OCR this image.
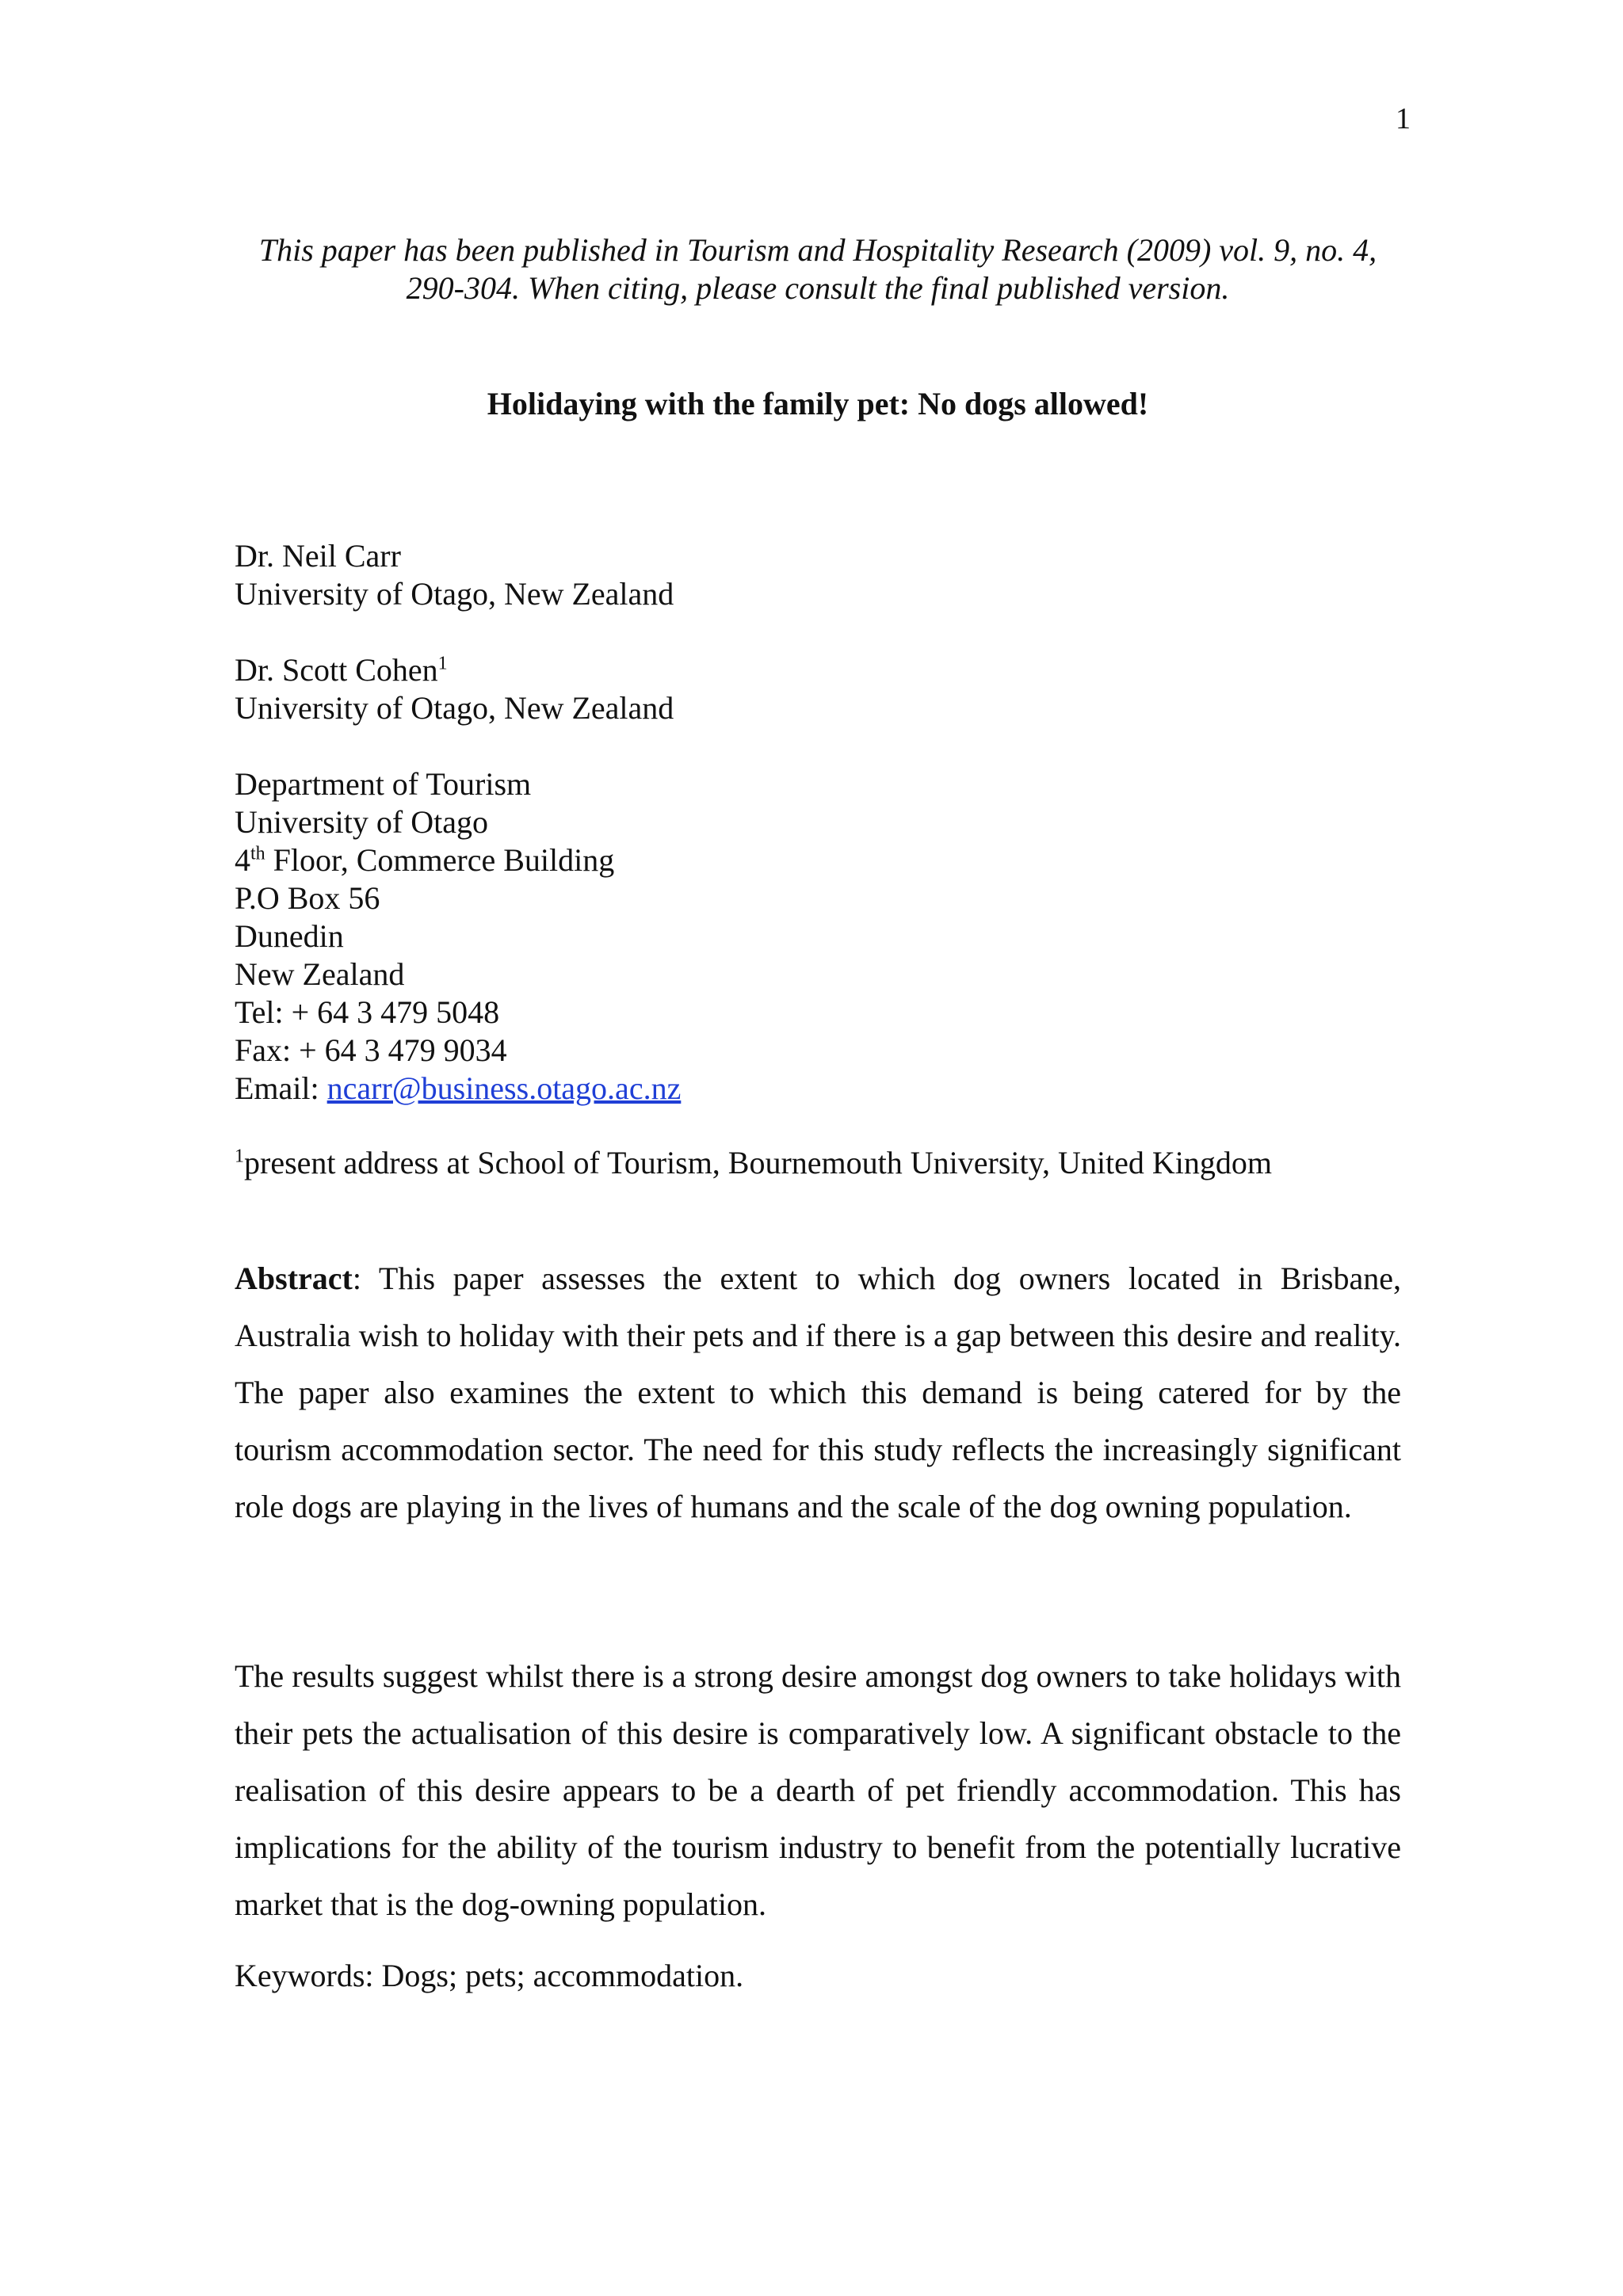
1
This paper has been published in Tourism and Hospitality Research (2009) vol. 9, no. 4, 290-304. When citing, please consult the final published version.
Holidaying with the family pet: No dogs allowed!
Dr. Neil Carr
University of Otago, New Zealand
Dr. Scott Cohen$^1$
University of Otago, New Zealand
Department of Tourism
University of Otago
4th Floor, Commerce Building
P.O Box 56
Dunedin
New Zealand
Tel: + 64 3 479 5048
Fax: + 64 3 479 9034
Email: ncarr@business.otago.ac.nz
$^1$present address at School of Tourism, Bournemouth University, United Kingdom
Abstract: This paper assesses the extent to which dog owners located in Brisbane, Australia wish to holiday with their pets and if there is a gap between this desire and reality. The paper also examines the extent to which this demand is being catered for by the tourism accommodation sector. The need for this study reflects the increasingly significant role dogs are playing in the lives of humans and the scale of the dog owning population.
The results suggest whilst there is a strong desire amongst dog owners to take holidays with their pets the actualisation of this desire is comparatively low. A significant obstacle to the realisation of this desire appears to be a dearth of pet friendly accommodation. This has implications for the ability of the tourism industry to benefit from the potentially lucrative market that is the dog-owning population.
Keywords: Dogs; pets; accommodation.
